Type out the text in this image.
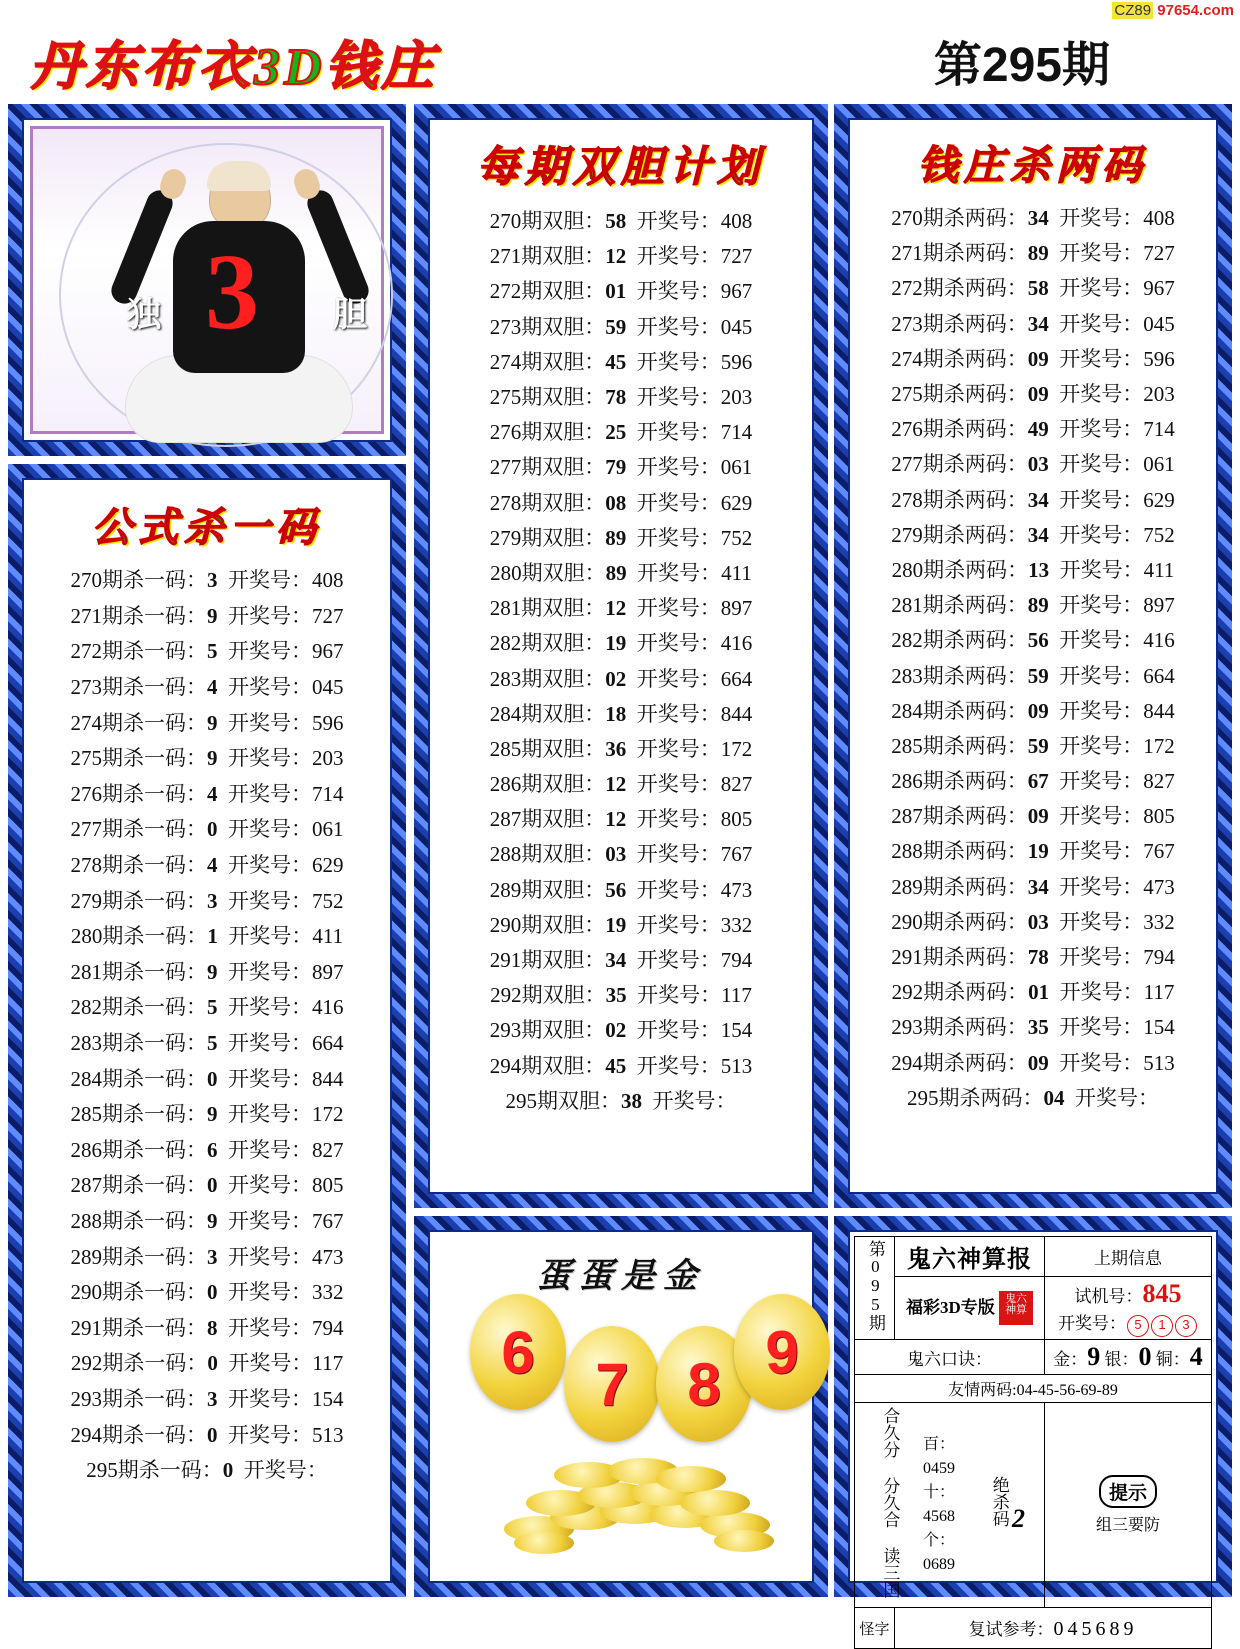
CZ89 97654.com
丹东布衣3D钱庄	第295期
独	胆
3
公式杀一码
270期杀一码：3 开奖号：408
271期杀一码：9 开奖号：727
272期杀一码：5 开奖号：967
273期杀一码：4 开奖号：045
274期杀一码：9 开奖号：596
275期杀一码：9 开奖号：203
276期杀一码：4 开奖号：714
277期杀一码：0 开奖号：061
278期杀一码：4 开奖号：629
279期杀一码：3 开奖号：752
280期杀一码：1 开奖号：411
281期杀一码：9 开奖号：897
282期杀一码：5 开奖号：416
283期杀一码：5 开奖号：664
284期杀一码：0 开奖号：844
285期杀一码：9 开奖号：172
286期杀一码：6 开奖号：827
287期杀一码：0 开奖号：805
288期杀一码：9 开奖号：767
289期杀一码：3 开奖号：473
290期杀一码：0 开奖号：332
291期杀一码：8 开奖号：794
292期杀一码：0 开奖号：117
293期杀一码：3 开奖号：154
294期杀一码：0 开奖号：513
295期杀一码：0 开奖号：
每期双胆计划
270期双胆：58 开奖号：408
271期双胆：12 开奖号：727
272期双胆：01 开奖号：967
273期双胆：59 开奖号：045
274期双胆：45 开奖号：596
275期双胆：78 开奖号：203
276期双胆：25 开奖号：714
277期双胆：79 开奖号：061
278期双胆：08 开奖号：629
279期双胆：89 开奖号：752
280期双胆：89 开奖号：411
281期双胆：12 开奖号：897
282期双胆：19 开奖号：416
283期双胆：02 开奖号：664
284期双胆：18 开奖号：844
285期双胆：36 开奖号：172
286期双胆：12 开奖号：827
287期双胆：12 开奖号：805
288期双胆：03 开奖号：767
289期双胆：56 开奖号：473
290期双胆：19 开奖号：332
291期双胆：34 开奖号：794
292期双胆：35 开奖号：117
293期双胆：02 开奖号：154
294期双胆：45 开奖号：513
295期双胆：38 开奖号：
钱庄杀两码
270期杀两码：34 开奖号：408
271期杀两码：89 开奖号：727
272期杀两码：58 开奖号：967
273期杀两码：34 开奖号：045
274期杀两码：09 开奖号：596
275期杀两码：09 开奖号：203
276期杀两码：49 开奖号：714
277期杀两码：03 开奖号：061
278期杀两码：34 开奖号：629
279期杀两码：34 开奖号：752
280期杀两码：13 开奖号：411
281期杀两码：89 开奖号：897
282期杀两码：56 开奖号：416
283期杀两码：59 开奖号：664
284期杀两码：09 开奖号：844
285期杀两码：59 开奖号：172
286期杀两码：67 开奖号：827
287期杀两码：09 开奖号：805
288期杀两码：19 开奖号：767
289期杀两码：34 开奖号：473
290期杀两码：03 开奖号：332
291期杀两码：78 开奖号：794
292期杀两码：01 开奖号：117
293期杀两码：35 开奖号：154
294期杀两码：09 开奖号：513
295期杀两码：04 开奖号：
蛋蛋是金
6 7 8 9
第095期	鬼六神算报	上期信息
福彩3D专版 鬼六神算	
试机号：845
开奖号： 5 1 3

鬼六口诀：	金：9 银：0 铜：4
友情两码:04-45-56-69-89

合久分 分久合 读三国	百：0459
十：4568
个：0689
	绝杀码 2
	提示
组三要防

怪字	复试参考：045689
